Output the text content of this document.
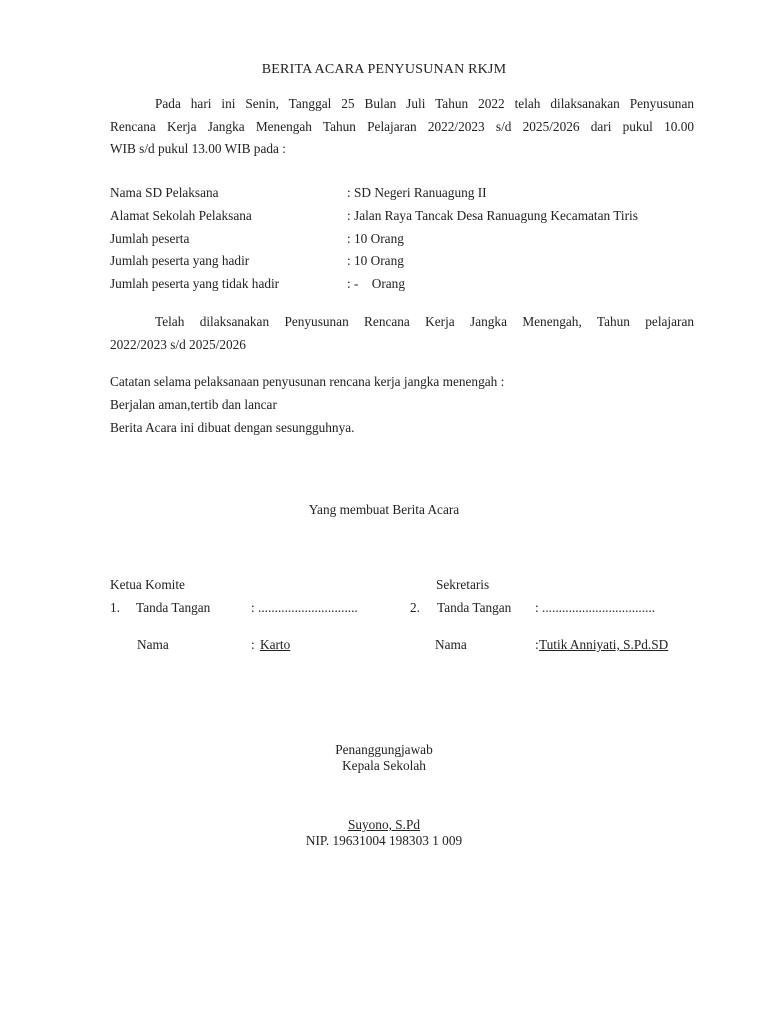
BERITA ACARA PENYUSUNAN RKJM
Pada hari ini Senin, Tanggal 25 Bulan Juli Tahun 2022 telah dilaksanakan Penyusunan
Rencana Kerja Jangka Menengah Tahun Pelajaran 2022/2023 s/d 2025/2026 dari pukul 10.00
WIB s/d pukul 13.00 WIB pada :
Nama SD Pelaksana	: SD Negeri Ranuagung II
Alamat Sekolah Pelaksana	: Jalan Raya Tancak Desa Ranuagung Kecamatan Tiris
Jumlah peserta	: 10 Orang
Jumlah peserta yang hadir	: 10 Orang
Jumlah peserta yang tidak hadir	: -    Orang
Telah dilaksanakan Penyusunan Rencana Kerja Jangka Menengah, Tahun pelajaran
2022/2023 s/d 2025/2026
Catatan selama pelaksanaan penyusunan rencana kerja jangka menengah :
Berjalan aman,tertib dan lancar
Berita Acara ini dibuat dengan sesungguhnya.
Yang membuat Berita Acara
Ketua Komite
1. Tanda Tangan	: ..............................
Nama	: Karto
Sekretaris
2. Tanda Tangan : ..................................
Nama	: Tutik Anniyati, S.Pd.SD
Penanggungjawab
Kepala Sekolah
Suyono, S.Pd
NIP. 19631004 198303 1 009
